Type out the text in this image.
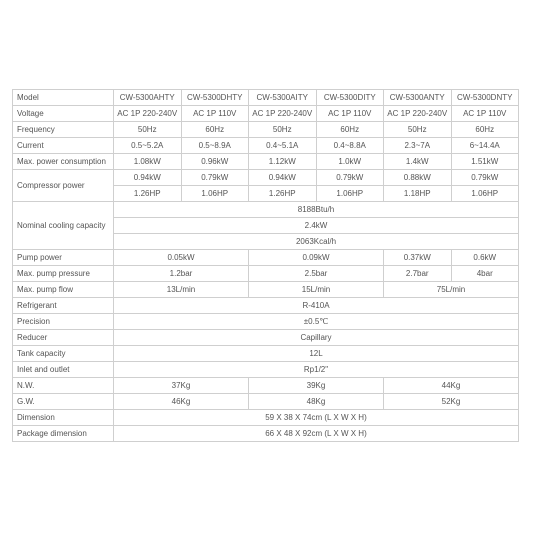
Model	CW-5300AHTY	CW-5300DHTY	CW-5300AITY	CW-5300DITY	CW-5300ANTY	CW-5300DNTY
Voltage	AC 1P 220-240V	AC 1P 110V	AC 1P 220-240V	AC 1P 110V	AC 1P 220-240V	AC 1P 110V
Frequency	50Hz	60Hz	50Hz	60Hz	50Hz	60Hz
Current	0.5~5.2A	0.5~8.9A	0.4~5.1A	0.4~8.8A	2.3~7A	6~14.4A
Max. power consumption	1.08kW	0.96kW	1.12kW	1.0kW	1.4kW	1.51kW
Compressor power	0.94kW	0.79kW	0.94kW	0.79kW	0.88kW	0.79kW
	1.26HP	1.06HP	1.26HP	1.06HP	1.18HP	1.06HP
Nominal cooling capacity	8188Btu/h					
	2.4kW					
	2063Kcal/h					
Pump power	0.05kW		0.09kW		0.37kW	0.6kW
Max. pump pressure	1.2bar		2.5bar		2.7bar	4bar
Max. pump flow	13L/min		15L/min		75L/min	
Refrigerant	R-410A					
Precision	±0.5℃					
Reducer	Capillary					
Tank capacity	12L					
Inlet and outlet	Rp1/2"					
N.W.	37Kg		39Kg		44Kg	
G.W.	46Kg		48Kg		52Kg	
Dimension	59 X 38 X 74cm (L X W X H)					
Package dimension	66 X 48 X 92cm (L X W X H)					
